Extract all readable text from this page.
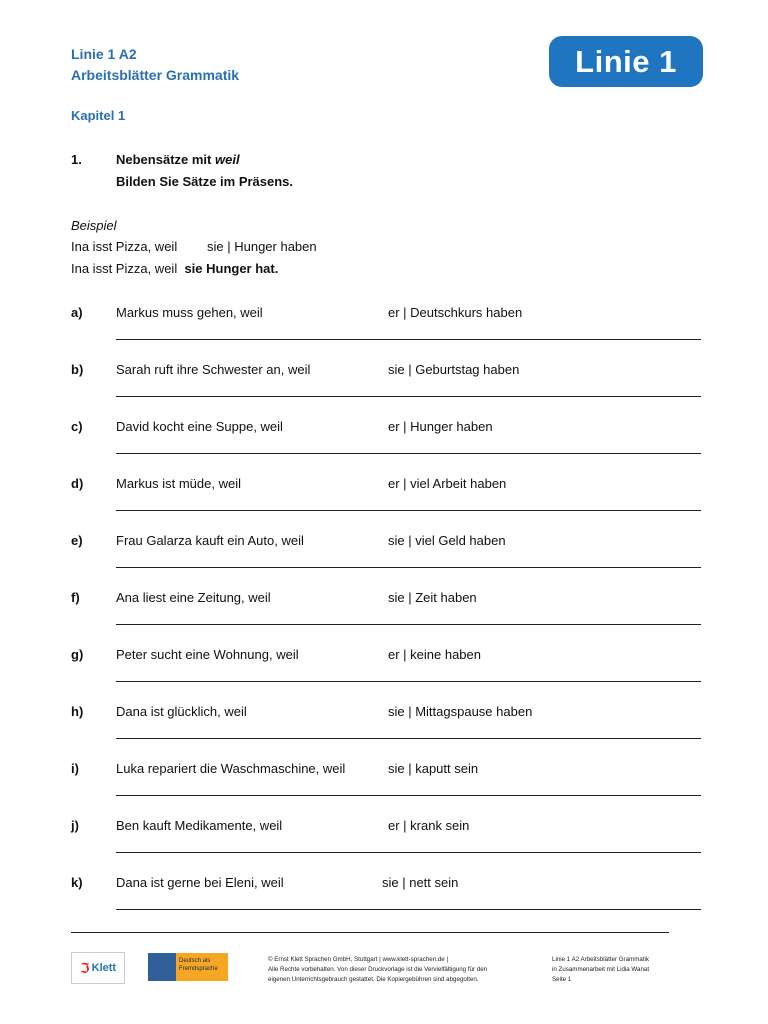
Linie 1 A2
Arbeitsblätter Grammatik	Linie 1
Kapitel 1
1.	Nebensätze mit weil
Bilden Sie Sätze im Präsens.
Beispiel
Ina isst Pizza, weil sie | Hunger haben
Ina isst Pizza, weil sie Hunger hat.
a)	Markus muss gehen, weil	er | Deutschkurs haben
b)	Sarah ruft ihre Schwester an, weil	sie | Geburtstag haben
c)	David kocht eine Suppe, weil	er | Hunger haben
d)	Markus ist müde, weil	er | viel Arbeit haben
e)	Frau Galarza kauft ein Auto, weil	sie | viel Geld haben
f)	Ana liest eine Zeitung, weil	sie | Zeit haben
g)	Peter sucht eine Wohnung, weil	er | keine haben
h)	Dana ist glücklich, weil	sie | Mittagspause haben
i)	Luka repariert die Waschmaschine, weil	sie | kaputt sein
j)	Ben kauft Medikamente, weil	er | krank sein
k)	Dana ist gerne bei Eleni, weil	sie | nett sein
ℑ Klett
Deutsch als Fremdsprache
© Ernst Klett Sprachen GmbH, Stuttgart | www.klett-sprachen.de |
Alle Rechte vorbehalten. Von dieser Druckvorlage ist die Vervielfältigung für den
eigenen Unterrichtsgebrauch gestattet. Die Kopiergebühren sind abgegolten.
Linie 1 A2 Arbeitsblätter Grammatik
in Zusammenarbeit mit Lidia Wanat
Seite 1
